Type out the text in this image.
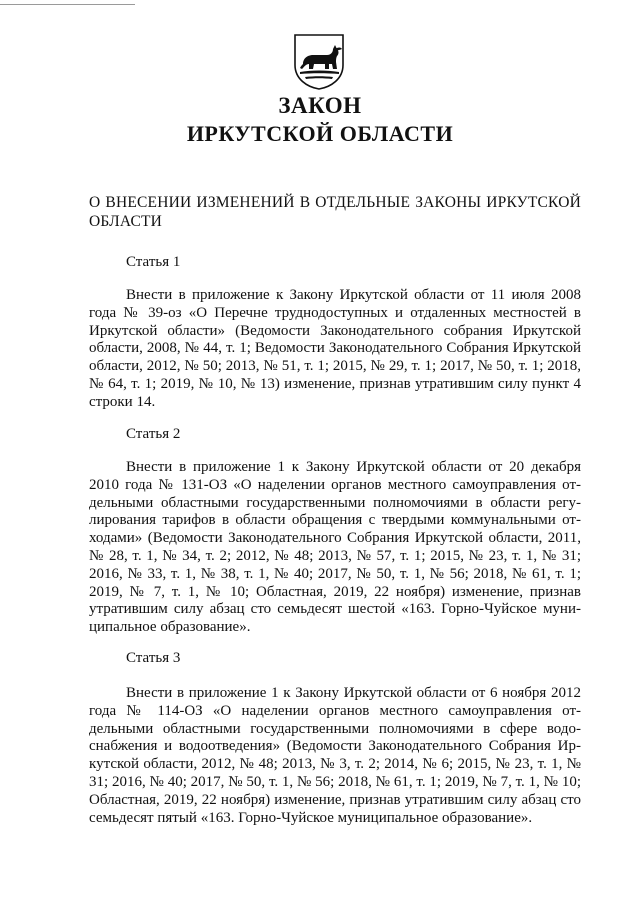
ЗАКОН
ИРКУТСКОЙ ОБЛАСТИ
О ВНЕСЕНИИ ИЗМЕНЕНИЙ В ОТДЕЛЬНЫЕ ЗАКОНЫ ИРКУТСКОЙ ОБЛАСТИ
Статья 1
Внести в приложение к Закону Иркутской области от 11 июля 2008 года № 39-оз «О Перечне труднодоступных и отдаленных местностей в Иркутской области» (Ведомости Законодательного собрания Иркутской области, 2008, № 44, т. 1; Ведомости Законодательного Собрания Иркутской области, 2012, № 50; 2013, № 51, т. 1; 2015, № 29, т. 1; 2017, № 50, т. 1; 2018, № 64, т. 1; 2019, № 10, № 13) изменение, признав утратившим силу пункт 4 строки 14.
Статья 2
Внести в приложение 1 к Закону Иркутской области от 20 декабря 2010 года № 131-ОЗ «О наделении органов местного самоуправления отдельными областными государственными полномочиями в области регулирования тарифов в области обращения с твердыми коммунальными отходами» (Ведомости Законодательного Собрания Иркутской области, 2011, № 28, т. 1, № 34, т. 2; 2012, № 48; 2013, № 57, т. 1; 2015, № 23, т. 1, № 31; 2016, № 33, т. 1, № 38, т. 1, № 40; 2017, № 50, т. 1, № 56; 2018, № 61, т. 1; 2019, № 7, т. 1, № 10; Областная, 2019, 22 ноября) изменение, признав утратившим силу абзац сто семьдесят шестой «163. Горно-Чуйское муниципальное образование».
Статья 3
Внести в приложение 1 к Закону Иркутской области от 6 ноября 2012 года № 114-ОЗ «О наделении органов местного самоуправления отдельными областными государственными полномочиями в сфере водоснабжения и водоотведения» (Ведомости Законодательного Собрания Иркутской области, 2012, № 48; 2013, № 3, т. 2; 2014, № 6; 2015, № 23, т. 1, № 31; 2016, № 40; 2017, № 50, т. 1, № 56; 2018, № 61, т. 1; 2019, № 7, т. 1, № 10; Областная, 2019, 22 ноября) изменение, признав утратившим силу абзац сто семьдесят пятый «163. Горно-Чуйское муниципальное образование».
